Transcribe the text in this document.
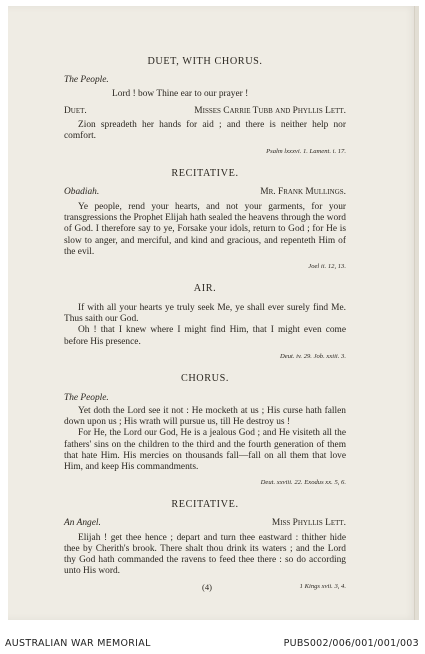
DUET, WITH CHORUS.
The People.

Lord ! bow Thine ear to our prayer !

Duet.	Misses Carrie Tubb and Phyllis Lett.

Zion spreadeth her hands for aid ; and there is neither help nor comfort.

Psalm lxxxvi. 1. Lament. i. 17.
RECITATIVE.
Obadiah.	Mr. Frank Mullings.

Ye people, rend your hearts, and not your garments, for your transgressions the Prophet Elijah hath sealed the heavens through the word of God. I therefore say to ye, Forsake your idols, return to God ; for He is slow to anger, and merciful, and kind and gracious, and repenteth Him of the evil.

Joel ii. 12, 13.
AIR.

If with all your hearts ye truly seek Me, ye shall ever surely find Me. Thus saith our God.

Oh ! that I knew where I might find Him, that I might even come before His presence.

Deut. iv. 29. Job. xxiii. 3.
CHORUS.
The People.

Yet doth the Lord see it not : He mocketh at us ; His curse hath fallen down upon us ; His wrath will pursue us, till He destroy us !

For He, the Lord our God, He is a jealous God ; and He visiteth all the fathers' sins on the children to the third and the fourth generation of them that hate Him. His mercies on thousands fall—fall on all them that love Him, and keep His commandments.

Deut. xxviii. 22. Exodus xx. 5, 6.
RECITATIVE.
An Angel.	Miss Phyllis Lett.

Elijah ! get thee hence ; depart and turn thee eastward : thither hide thee by Cherith's brook. There shalt thou drink its waters ; and the Lord thy God hath commanded the ravens to feed thee there : so do according unto His word.

1 Kings xvii. 3, 4.
(4)
AUSTRALIAN WAR MEMORIAL	PUBS002/006/001/001/003
